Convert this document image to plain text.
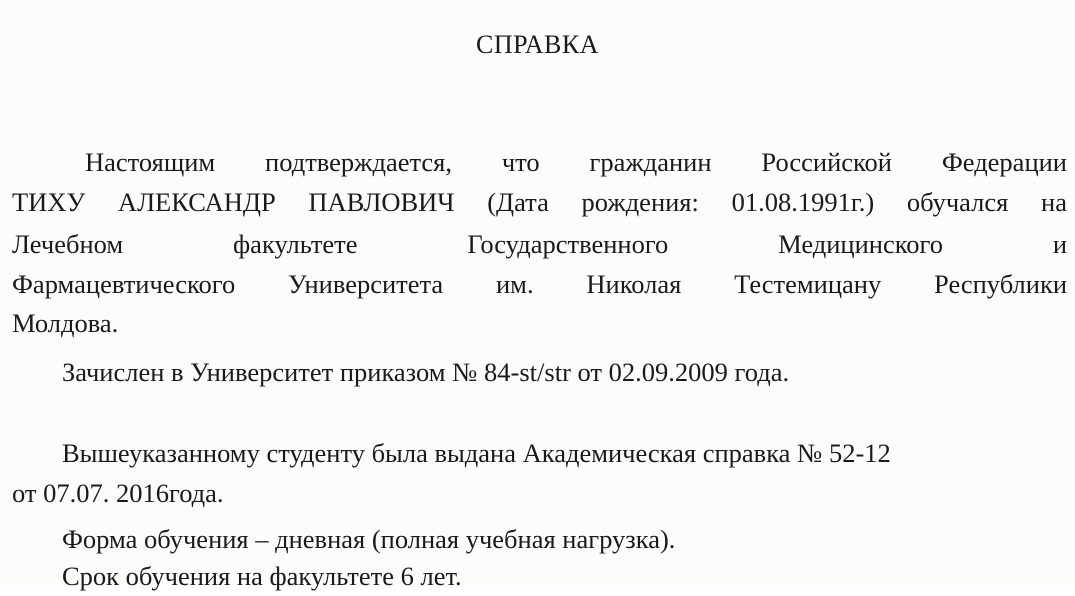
СПРАВКА
Настоящим подтверждается, что гражданин Российской Федерации
ТИХУ АЛЕКСАНДР ПАВЛОВИЧ (Дата рождения: 01.08.1991г.) обучался на
Лечебном факультете Государственного Медицинского и
Фармацевтического Университета им. Николая Тестемицану Республики
Молдова.
Зачислен в Университет приказом № 84-st/str от 02.09.2009 года.
Вышеуказанному студенту была выдана Академическая справка № 52-12
от 07.07. 2016года.
Форма обучения – дневная (полная учебная нагрузка).
Срок обучения на факультете 6 лет.
